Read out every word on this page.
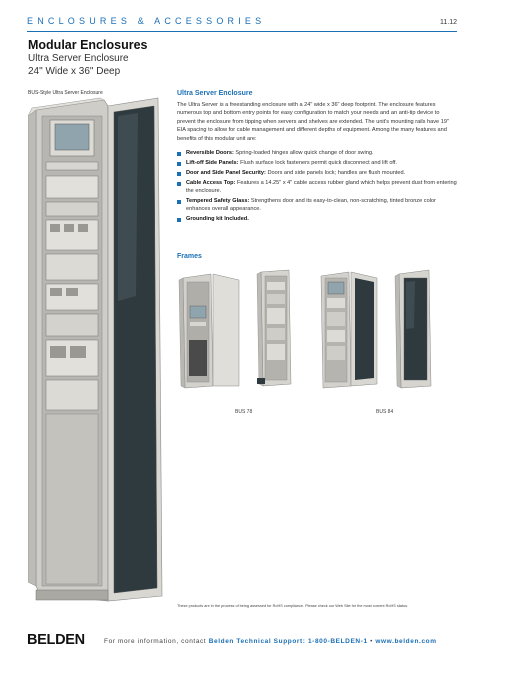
ENCLOSURES & ACCESSORIES	11.12
Modular Enclosures
Ultra Server Enclosure
24" Wide x 36" Deep
BUS-Style Ultra Server Enclosure	Ultra Server Enclosure
The Ultra Server is a freestanding enclosure with a 24" wide x 36" deep footprint. The enclosure features numerous top and bottom entry points for easy configuration to match your needs and an anti-tip device to prevent the enclosure from tipping when servers and shelves are extended. The unit's mounting rails have 19" EIA spacing to allow for cable management and different depths of equipment. Among the many features and benefits of this modular unit are:
Reversible Doors: Spring-loaded hinges allow quick change of door swing.
Lift-off Side Panels: Flush surface lock fasteners permit quick disconnect and lift off.
Door and Side Panel Security: Doors and side panels lock; handles are flush mounted.
Cable Access Top: Features a 14.25" x 4" cable access rubber gland which helps prevent dust from entering the enclosure.
Tempered Safety Glass: Strengthens door and its easy-to-clean, non-scratching, tinted bronze color enhances overall appearance.
Grounding kit Included.
Frames
BUS 78	BUS 84
These products are in the process of being assessed for RoHS compliance. Please check our Web Site for the most current RoHS status.
BELDEN	For more information, contact Belden Technical Support: 1-800-BELDEN-1 • www.belden.com
